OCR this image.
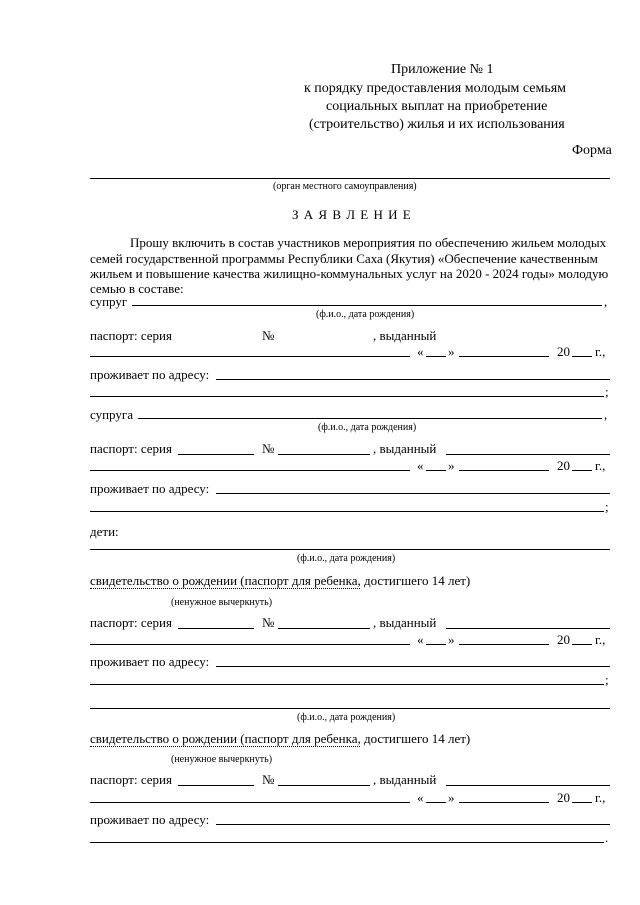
Приложение № 1
к порядку предоставления молодым семьям
социальных выплат на приобретение
(строительство) жилья и их использования
Форма
(орган местного самоуправления)
З А Я В Л Е Н И Е
Прошу включить в состав участников мероприятия по обеспечению жильем молодых
семей государственной программы Республики Саха (Якутия) «Обеспечение качественным
жильем и повышение качества жилищно-коммунальных услуг на 2020 - 2024 годы» молодую
семью в составе:
супруг	,
(ф.и.о., дата рождения)
паспорт: серия	№	, выданный
« »	20 г.,
проживает по адресу:
;
супруга	,
(ф.и.о., дата рождения)
паспорт: серия	№	, выданный
« »	20 г.,
проживает по адресу:
;
дети:
(ф.и.о., дата рождения)
свидетельство о рождении (паспорт для ребенка, достигшего 14 лет)
(ненужное вычеркнуть)
паспорт: серия	№	, выданный
« »	20 г.,
проживает по адресу:
;
(ф.и.о., дата рождения)
свидетельство о рождении (паспорт для ребенка, достигшего 14 лет)
(ненужное вычеркнуть)
паспорт: серия	№	, выданный
« »	20 г.,
проживает по адресу:
.
